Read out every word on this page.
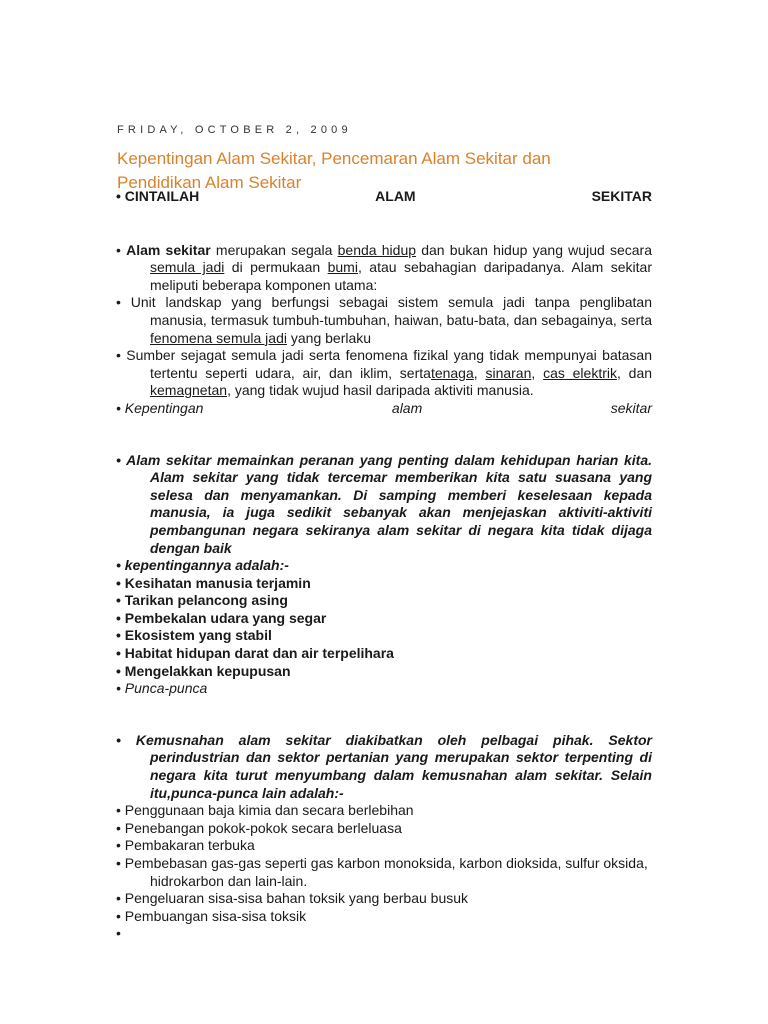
FRIDAY, OCTOBER 2, 2009
Kepentingan Alam Sekitar, Pencemaran Alam Sekitar dan
Pendidikan Alam Sekitar
• CINTAILAH	ALAM	SEKITAR

• Alam sekitar merupakan segala benda hidup dan bukan hidup yang wujud secara semula jadi di permukaan bumi, atau sebahagian daripadanya. Alam sekitar meliputi beberapa komponen utama:

• Unit landskap yang berfungsi sebagai sistem semula jadi tanpa penglibatan manusia, termasuk tumbuh-tumbuhan, haiwan, batu-bata, dan sebagainya, serta fenomena semula jadi yang berlaku

• Sumber sejagat semula jadi serta fenomena fizikal yang tidak mempunyai batasan tertentu seperti udara, air, dan iklim, sertatenaga, sinaran, cas elektrik, dan kemagnetan, yang tidak wujud hasil daripada aktiviti manusia.

• Kepentingan	alam	sekitar

• Alam sekitar memainkan peranan yang penting dalam kehidupan harian kita. Alam sekitar yang tidak tercemar memberikan kita satu suasana yang selesa dan menyamankan. Di samping memberi keselesaan kepada manusia, ia juga sedikit sebanyak akan menjejaskan aktiviti-aktiviti pembangunan negara sekiranya alam sekitar di negara kita tidak dijaga dengan baik

• kepentingannya adalah:-

• Kesihatan manusia terjamin

• Tarikan pelancong asing

• Pembekalan udara yang segar

• Ekosistem yang stabil

• Habitat hidupan darat dan air terpelihara

• Mengelakkan kepupusan

• Punca-punca

• Kemusnahan alam sekitar diakibatkan oleh pelbagai pihak. Sektor perindustrian dan sektor pertanian yang merupakan sektor terpenting di negara kita turut menyumbang dalam kemusnahan alam sekitar. Selain itu,punca-punca lain adalah:-

• Penggunaan baja kimia dan secara berlebihan

• Penebangan pokok-pokok secara berleluasa

• Pembakaran terbuka

• Pembebasan gas-gas seperti gas karbon monoksida, karbon dioksida, sulfur oksida, hidrokarbon dan lain-lain.

• Pengeluaran sisa-sisa bahan toksik yang berbau busuk

• Pembuangan sisa-sisa toksik

•
